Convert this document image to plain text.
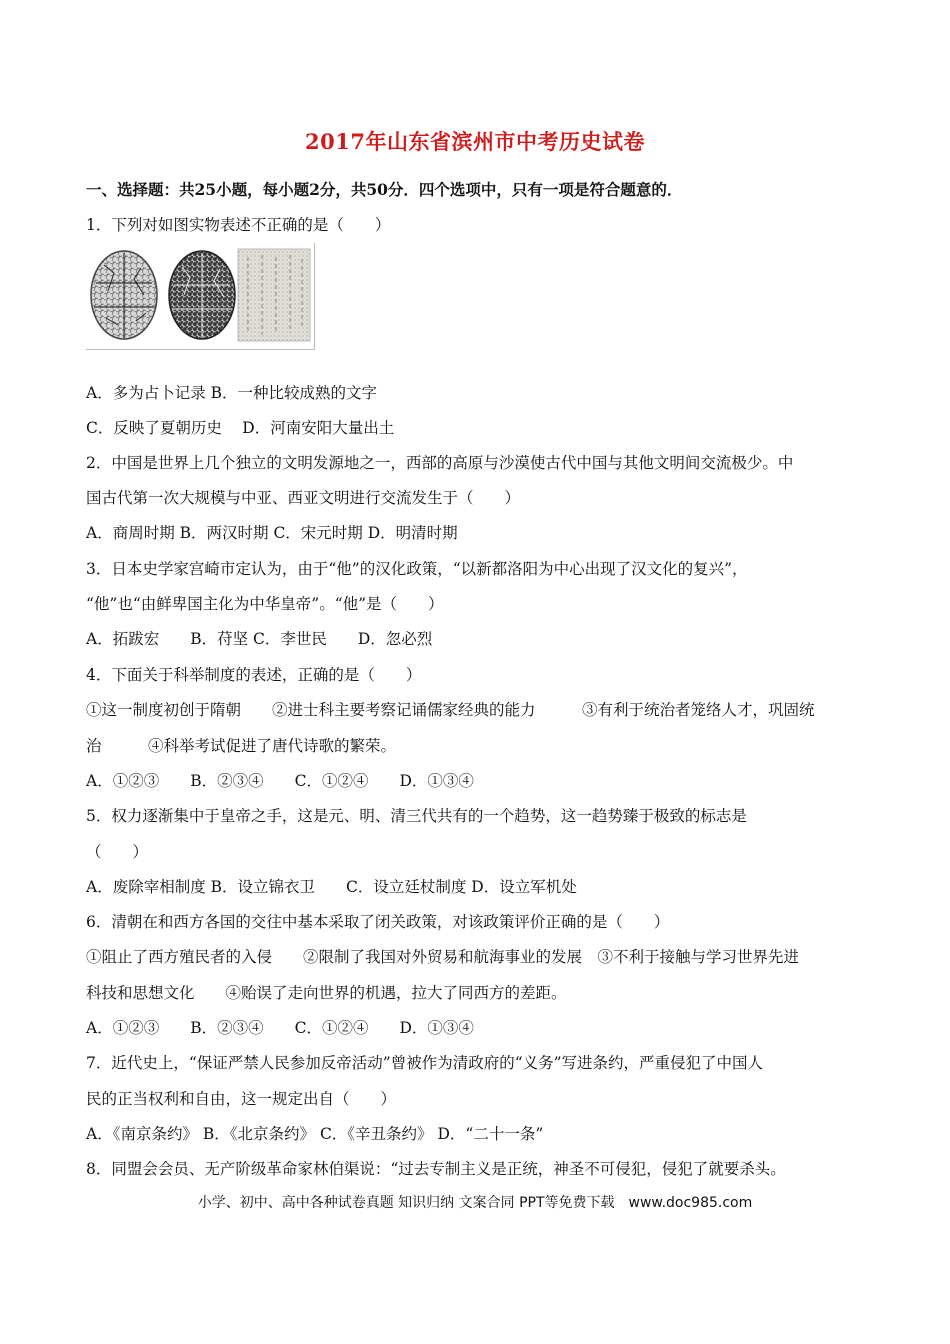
2017年山东省滨州市中考历史试卷
一、选择题：共25小题，每小题2分，共50分．四个选项中，只有一项是符合题意的．
1．下列对如图实物表述不正确的是（　　）
A．多为占卜记录 B．一种比较成熟的文字
C．反映了夏朝历史　 D．河南安阳大量出土
2．中国是世界上几个独立的文明发源地之一，西部的高原与沙漠使古代中国与其他文明间交流极少。中
国古代第一次大规模与中亚、西亚文明进行交流发生于（　　）
A．商周时期 B．两汉时期 C．宋元时期 D．明清时期
3．日本史学家宫崎市定认为，由于“他”的汉化政策，“以新都洛阳为中心出现了汉文化的复兴”，
“他”也“由鲜卑国主化为中华皇帝”。“他”是（　　）
A．拓跋宏　　B．苻坚 C．李世民　　D．忽必烈
4．下面关于科举制度的表述，正确的是（　　）
①这一制度初创于隋朝　　②进士科主要考察记诵儒家经典的能力　　　③有利于统治者笼络人才，巩固统
治　　　④科举考试促进了唐代诗歌的繁荣。
A．①②③　　B．②③④　　C．①②④　　D．①③④
5．权力逐渐集中于皇帝之手，这是元、明、清三代共有的一个趋势，这一趋势臻于极致的标志是
（　　）
A．废除宰相制度 B．设立锦衣卫　　C．设立廷杖制度 D．设立军机处
6．清朝在和西方各国的交往中基本采取了闭关政策，对该政策评价正确的是（　　）
①阻止了西方殖民者的入侵　　②限制了我国对外贸易和航海事业的发展　③不利于接触与学习世界先进
科技和思想文化　　④贻误了走向世界的机遇，拉大了同西方的差距。
A．①②③　　B．②③④　　C．①②④　　D．①③④
7．近代史上，“保证严禁人民参加反帝活动”曾被作为清政府的“义务”写进条约，严重侵犯了中国人
民的正当权利和自由，这一规定出自（　　）
A．《南京条约》 B．《北京条约》 C．《辛丑条约》 D．“二十一条”
8．同盟会会员、无产阶级革命家林伯渠说：“过去专制主义是正统，神圣不可侵犯，侵犯了就要杀头。
小学、初中、高中各种试卷真题 知识归纳 文案合同 PPT等免费下载　www.doc985.com
